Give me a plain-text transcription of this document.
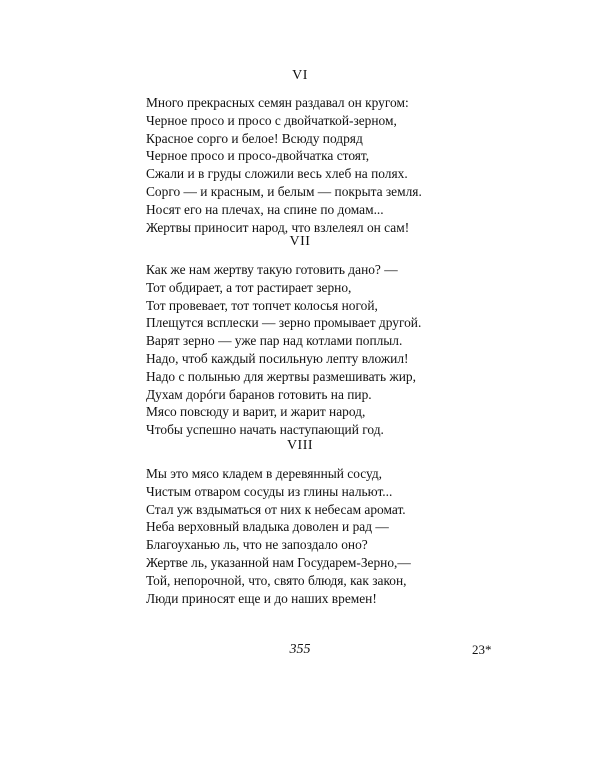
VI
Много прекрасных семян раздавал он кругом:
Черное просо и просо с двойчаткой-зерном,
Красное сорго и белое! Всюду подряд
Черное просо и просо-двойчатка стоят,
Сжали и в груды сложили весь хлеб на полях.
Сорго — и красным, и белым — покрыта земля.
Носят его на плечах, на спине по домам...
Жертвы приносит народ, что взлелеял он сам!
VII
Как же нам жертву такую готовить дано? —
Тот обдирает, а тот растирает зерно,
Тот провевает, тот топчет колосья ногой,
Плещутся всплески — зерно промывает другой.
Варят зерно — уже пар над котлами поплыл.
Надо, чтоб каждый посильную лепту вложил!
Надо с полынью для жертвы размешивать жир,
Духам дорóги баранов готовить на пир.
Мясо повсюду и варит, и жарит народ,
Чтобы успешно начать наступающий год.
VIII
Мы это мясо кладем в деревянный сосуд,
Чистым отваром сосуды из глины нальют...
Стал уж вздыматься от них к небесам аромат.
Неба верховный владыка доволен и рад —
Благоуханью ль, что не запоздало оно?
Жертве ль, указанной нам Государем-Зерно,—
Той, непорочной, что, свято блюдя, как закон,
Люди приносят еще и до наших времен!
355	23*
